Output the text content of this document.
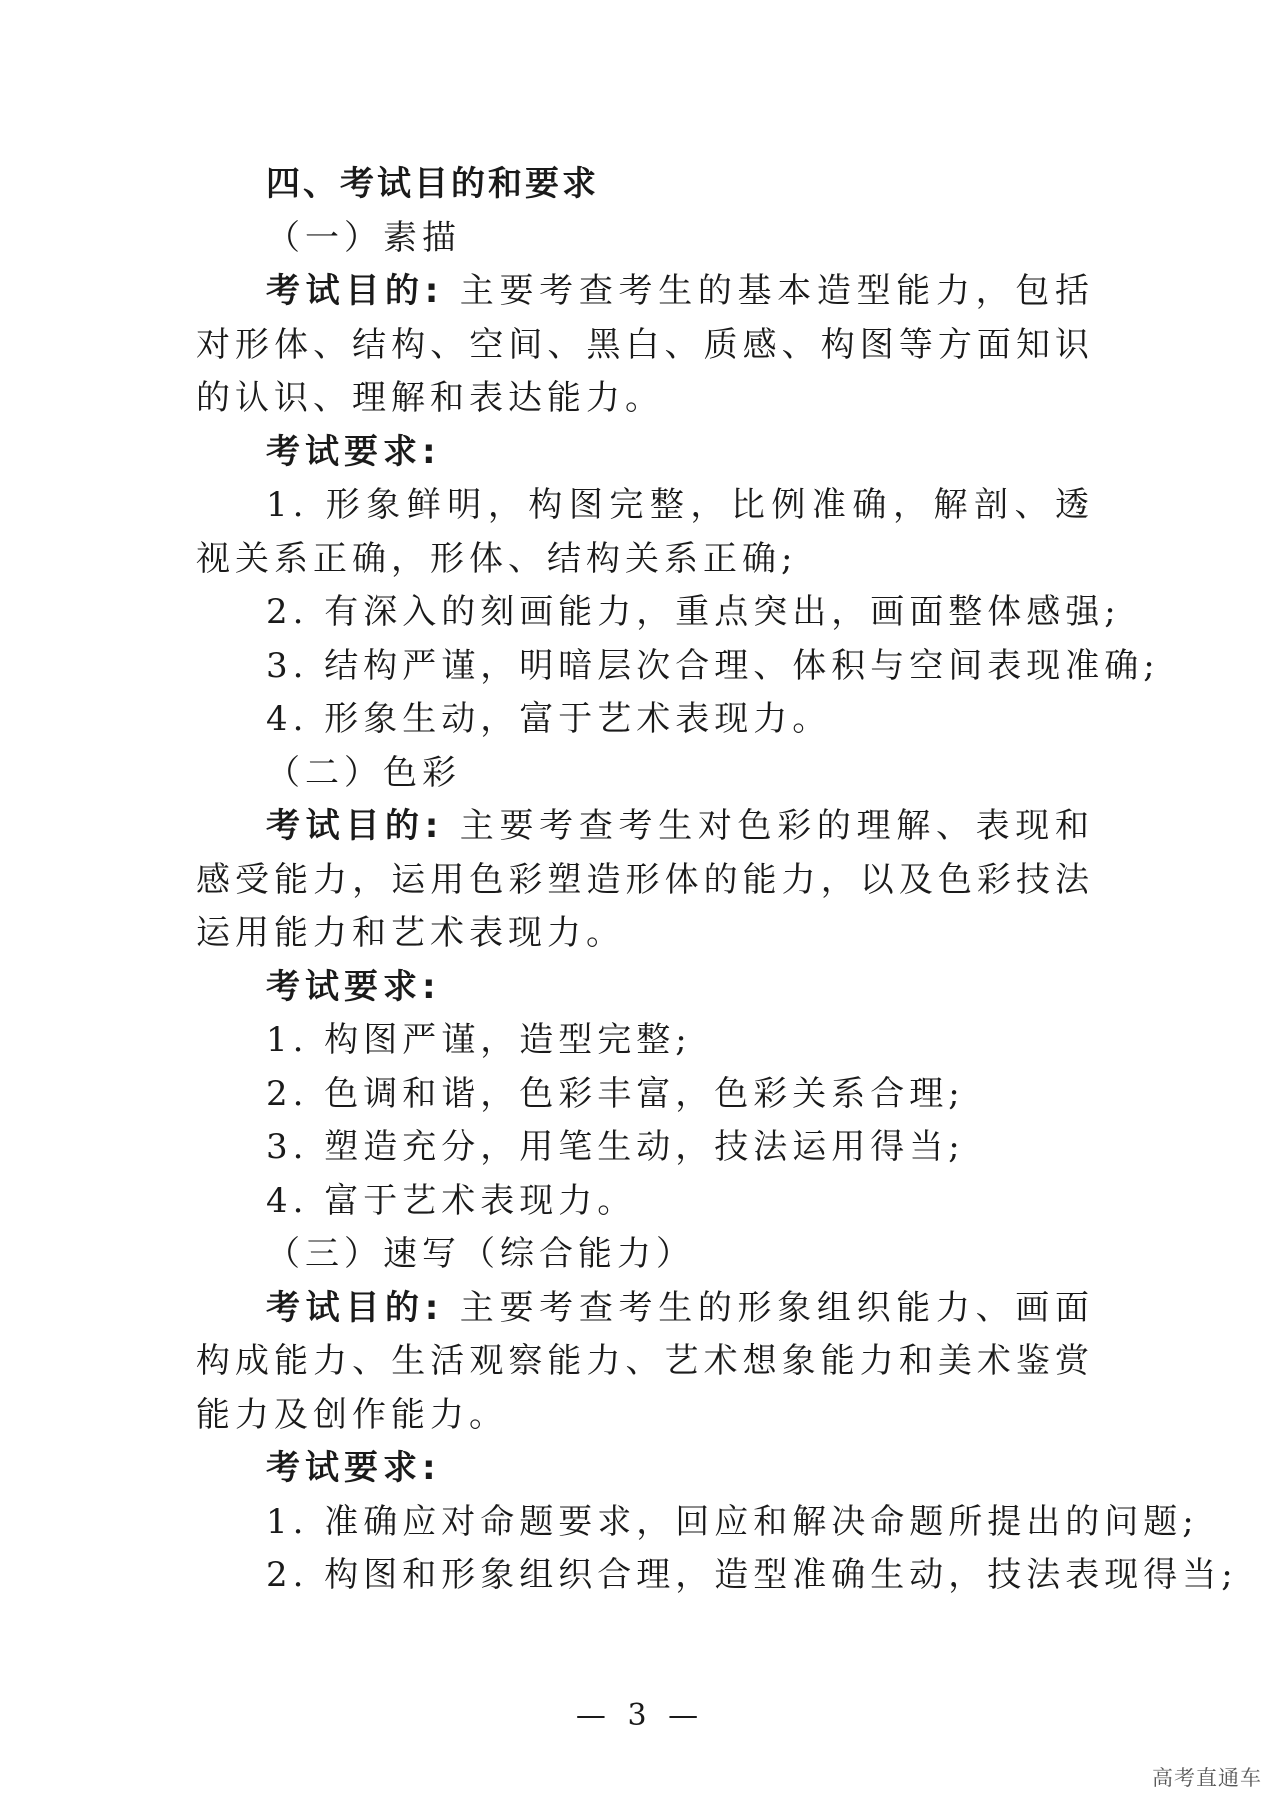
四、考试目的和要求

（一）素描

考试目的: 主要考查考生的基本造型能力，包括对形体、结构、空间、黑白、质感、构图等方面知识的认识、理解和表达能力。

考试要求:

1. 形象鲜明，构图完整，比例准确，解剖、透视关系正确，形体、结构关系正确;

2. 有深入的刻画能力，重点突出，画面整体感强;

3. 结构严谨，明暗层次合理、体积与空间表现准确;

4. 形象生动，富于艺术表现力。

（二）色彩

考试目的: 主要考查考生对色彩的理解、表现和感受能力，运用色彩塑造形体的能力，以及色彩技法运用能力和艺术表现力。

考试要求:

1. 构图严谨，造型完整;

2. 色调和谐，色彩丰富，色彩关系合理;

3. 塑造充分，用笔生动，技法运用得当;

4. 富于艺术表现力。

（三）速写（综合能力）

考试目的: 主要考查考生的形象组织能力、画面构成能力、生活观察能力、艺术想象能力和美术鉴赏能力及创作能力。

考试要求:

1. 准确应对命题要求，回应和解决命题所提出的问题;

2. 构图和形象组织合理，造型准确生动，技法表现得当;

— 3 —
高考直通车
